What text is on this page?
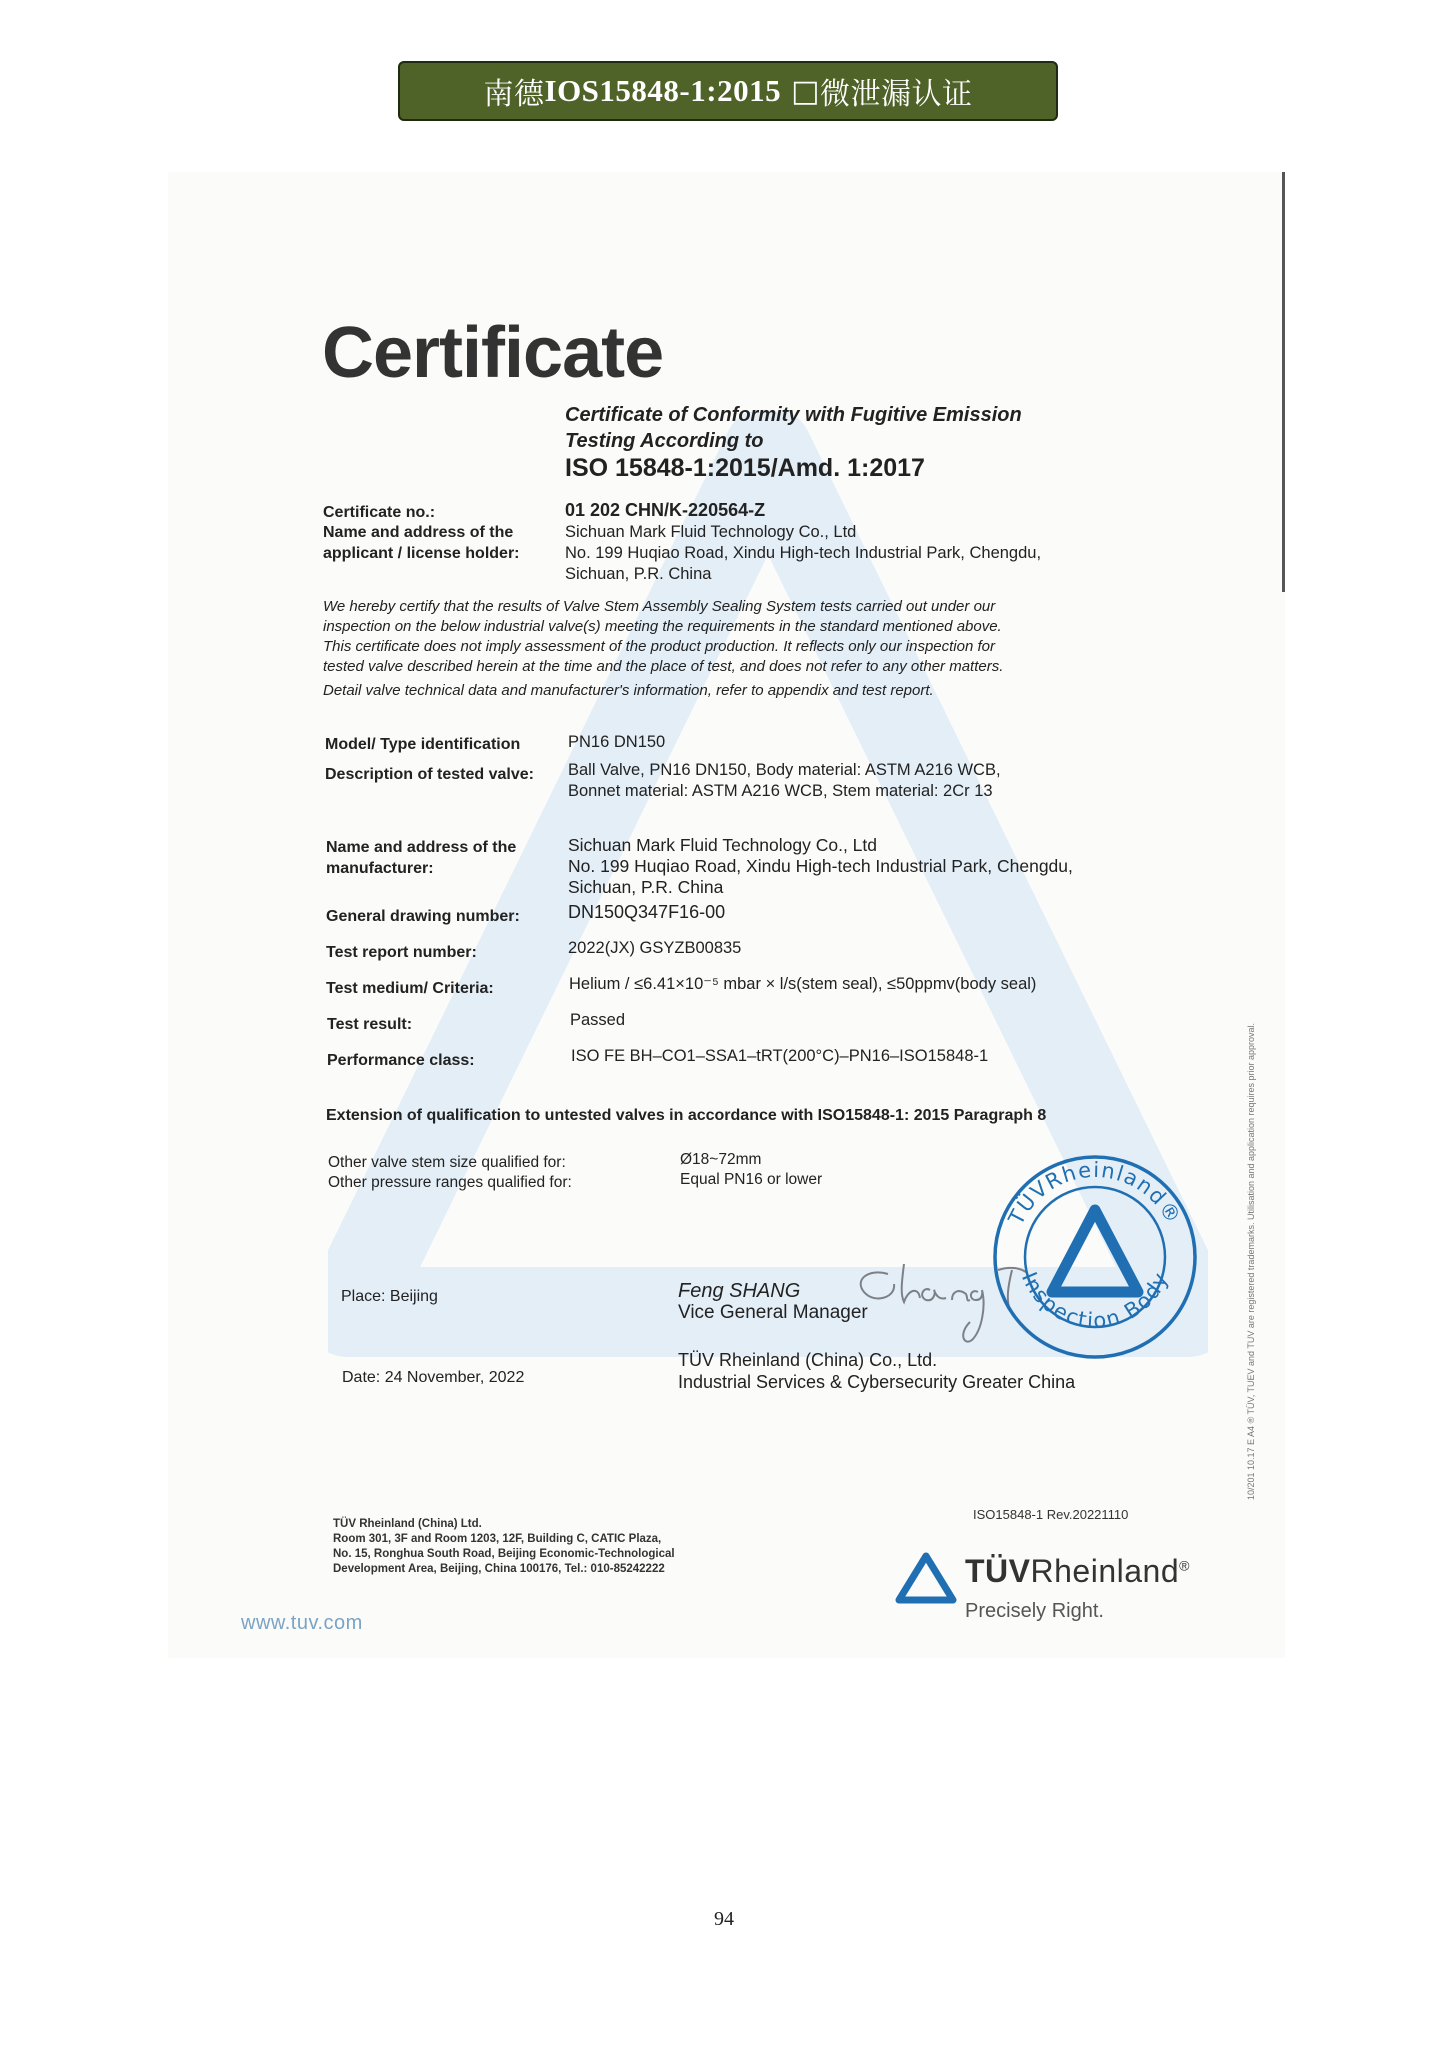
南德 IOS15848-1:2015
□ 微泄漏认证
Certificate
Certificate of Conformity with Fugitive Emission
Testing According to
ISO 15848-1:2015/Amd. 1:2017
Certificate no.:	01 202 CHN/K-220564-Z
Name and address of the
applicant / license holder:
Sichuan Mark Fluid Technology Co., Ltd
No. 199 Huqiao Road, Xindu High-tech Industrial Park, Chengdu,
Sichuan, P.R. China
We hereby certify that the results of Valve Stem Assembly Sealing System tests carried out under our
inspection on the below industrial valve(s) meeting the requirements in the standard mentioned above.
This certificate does not imply assessment of the product production. It reflects only our inspection for
tested valve described herein at the time and the place of test, and does not refer to any other matters.
Detail valve technical data and manufacturer's information, refer to appendix and test report.
Model/ Type identification	PN16 DN150
Description of tested valve: Ball Valve, PN16 DN150, Body material: ASTM A216 WCB,
Bonnet material: ASTM A216 WCB, Stem material: 2Cr 13
Name and address of the
manufacturer:
Sichuan Mark Fluid Technology Co., Ltd
No. 199 Huqiao Road, Xindu High-tech Industrial Park, Chengdu,
Sichuan, P.R. China
General drawing number:	DN150Q347F16-00
Test report number:	2022(JX) GSYZB00835
Test medium/ Criteria:	Helium / ≤6.41×10⁻⁵ mbar × l/s(stem seal), ≤50ppmv(body seal)
Test result:	Passed
Performance class:	ISO FE BH–CO1–SSA1–tRT(200°C)–PN16–ISO15848-1
Extension of qualification to untested valves in accordance with ISO15848-1: 2015 Paragraph 8
Other valve stem size qualified for:	Ø18~72mm
Other pressure ranges qualified for:	Equal PN16 or lower
Place: Beijing
Date: 24 November, 2022
Feng SHANG
Vice General Manager
TÜV Rheinland (China) Co., Ltd.
Industrial Services & Cybersecurity Greater China
TÜVRheinland®
Inspection Body
TÜV Rheinland (China) Ltd.
Room 301, 3F and Room 1203, 12F, Building C, CATIC Plaza,
No. 15, Ronghua South Road, Beijing Economic-Technological
Development Area, Beijing, China 100176, Tel.: 010-85242222
ISO15848-1 Rev.20221110
TÜVRheinland®
Precisely Right.
www.tuv.com
10/201 10.17 E A4 ® TÜV, TUEV and TUV are registered trademarks. Utilisation and application requires prior approval.
94
